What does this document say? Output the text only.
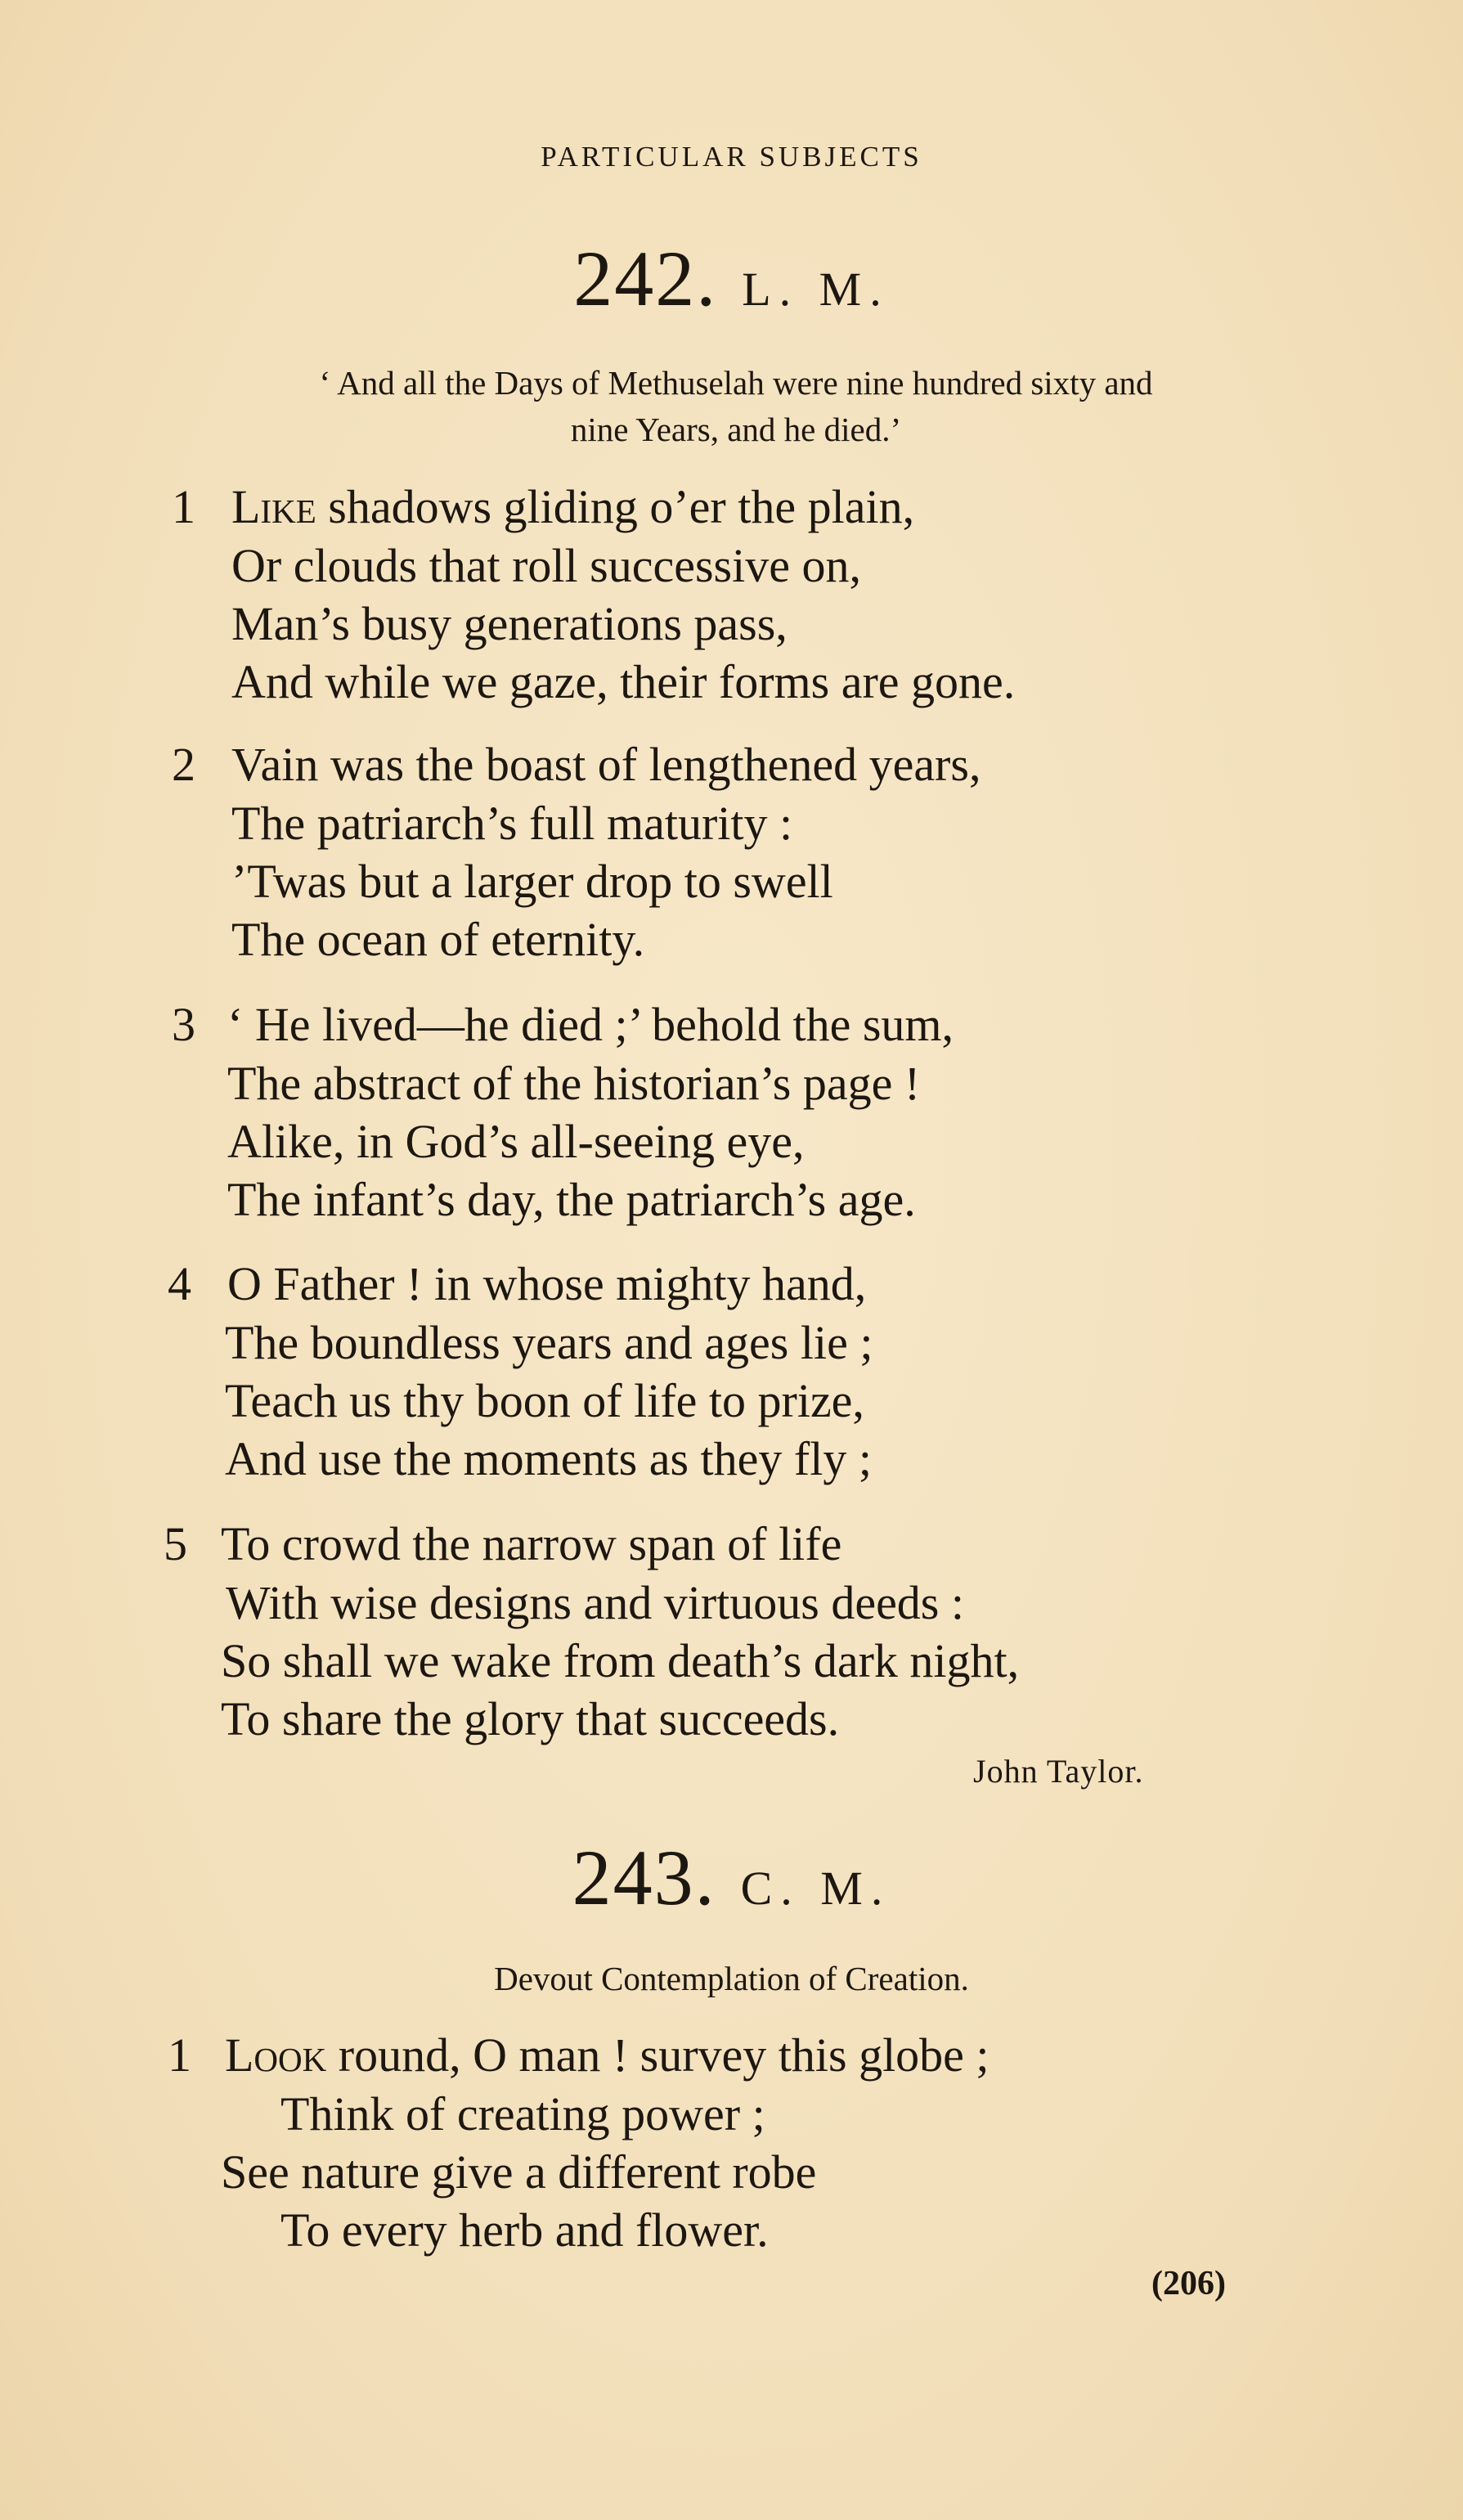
PARTICULAR SUBJECTS
242. L. M.
‘ And all the Days of Methuselah were nine hundred sixty and
nine Years, and he died.’
1 Like shadows gliding o’er the plain,
Or clouds that roll successive on,
Man’s busy generations pass,
And while we gaze, their forms are gone.
2 Vain was the boast of lengthened years,
The patriarch’s full maturity :
’Twas but a larger drop to swell
The ocean of eternity.
3 ‘ He lived—he died ;’ behold the sum,
The abstract of the historian’s page !
Alike, in God’s all-seeing eye,
The infant’s day, the patriarch’s age.
4 O Father ! in whose mighty hand,
The boundless years and ages lie ;
Teach us thy boon of life to prize,
And use the moments as they fly ;
5 To crowd the narrow span of life
With wise designs and virtuous deeds :
So shall we wake from death’s dark night,
To share the glory that succeeds.
John Taylor.
243. C. M.
Devout Contemplation of Creation.
1 Look round, O man ! survey this globe ;
Think of creating power ;
See nature give a different robe
To every herb and flower.
(206)
